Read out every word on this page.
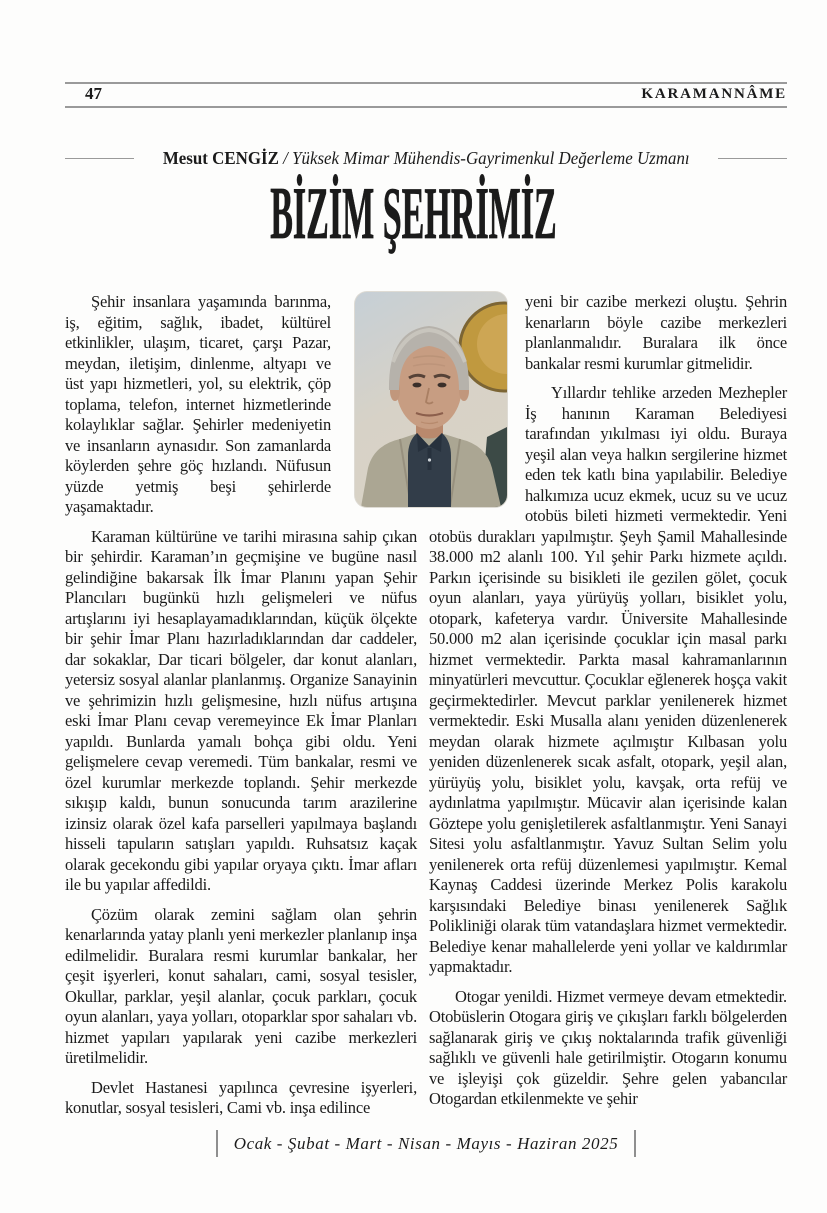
47	KARAMANNÂME
Mesut CENGİZ / Yüksek Mimar Mühendis-Gayrimenkul Değerleme Uzmanı
BİZİM ŞEHRİMİZ

Şehir insanlara yaşamında barınma, iş, eğitim, sağlık, ibadet, kültürel etkinlikler, ulaşım, ticaret, çarşı Pazar, meydan, iletişim, dinlenme, altyapı ve üst yapı hizmetleri, yol, su elektrik, çöp toplama, telefon, internet hizmetlerinde kolaylıklar sağlar. Şehirler medeniyetin ve insanların aynasıdır. Son zamanlarda köylerden şehre göç hızlandı. Nüfusun yüzde yetmiş beşi şehirlerde yaşamaktadır.

Karaman kültürüne ve tarihi mirasına sahip çıkan bir şehirdir. Karaman’ın geçmişine ve bugüne nasıl gelindiğine bakarsak İlk İmar Planını yapan Şehir Plancıları bugünkü hızlı gelişmeleri ve nüfus artışlarını iyi hesaplayamadıklarından, küçük ölçekte bir şehir İmar Planı hazırladıklarından dar caddeler, dar sokaklar, Dar ticari bölgeler, dar konut alanları, yetersiz sosyal alanlar planlanmış. Organize Sanayinin ve şehrimizin hızlı gelişmesine, hızlı nüfus artışına eski İmar Planı cevap veremeyince Ek İmar Planları yapıldı. Bunlarda yamalı bohça gibi oldu. Yeni gelişmelere cevap veremedi. Tüm bankalar, resmi ve özel kurumlar merkezde toplandı. Şehir merkezde sıkışıp kaldı, bunun sonucunda tarım arazilerine izinsiz olarak özel kafa parselleri yapılmaya başlandı hisseli tapuların satışları yapıldı. Ruhsatsız kaçak olarak gecekondu gibi yapılar oryaya çıktı. İmar afları ile bu yapılar affedildi.

Çözüm olarak zemini sağlam olan şehrin kenarlarında yatay planlı yeni merkezler planlanıp inşa edilmelidir. Buralara resmi kurumlar bankalar, her çeşit işyerleri, konut sahaları, cami, sosyal tesisler, Okullar, parklar, yeşil alanlar, çocuk parkları, çocuk oyun alanları, yaya yolları, otoparklar spor sahaları vb. hizmet yapıları yapılarak yeni cazibe merkezleri üretilmelidir.

Devlet Hastanesi yapılınca çevresine işyerleri, konutlar, sosyal tesisleri, Cami vb. inşa edilince

yeni bir cazibe merkezi oluştu. Şehrin kenarların böyle cazibe merkezleri planlanmalıdır. Buralara ilk önce bankalar resmi kurumlar gitmelidir.

Yıllardır tehlike arzeden Mezhepler İş hanının Karaman Belediyesi tarafından yıkılması iyi oldu. Buraya yeşil alan veya halkın sergilerine hizmet eden tek katlı bina yapılabilir. Belediye halkımıza ucuz ekmek, ucuz su ve ucuz otobüs bileti hizmeti vermektedir. Yeni otobüs durakları yapılmıştır. Şeyh Şamil Mahallesinde 38.000 m2 alanlı 100. Yıl şehir Parkı hizmete açıldı. Parkın içerisinde su bisikleti ile gezilen gölet, çocuk oyun alanları, yaya yürüyüş yolları, bisiklet yolu, otopark, kafeterya vardır. Üniversite Mahallesinde 50.000 m2 alan içerisinde çocuklar için masal parkı hizmet vermektedir. Parkta masal kahramanlarının minyatürleri mevcuttur. Çocuklar eğlenerek hoşça vakit geçirmektedirler. Mevcut parklar yenilenerek hizmet vermektedir. Eski Musalla alanı yeniden düzenlenerek meydan olarak hizmete açılmıştır Kılbasan yolu yeniden düzenlenerek sıcak asfalt, otopark, yeşil alan, yürüyüş yolu, bisiklet yolu, kavşak, orta refüj ve aydınlatma yapılmıştır. Mücavir alan içerisinde kalan Göztepe yolu genişletilerek asfaltlanmıştır. Yeni Sanayi Sitesi yolu asfaltlanmıştır. Yavuz Sultan Selim yolu yenilenerek orta refüj düzenlemesi yapılmıştır. Kemal Kaynaş Caddesi üzerinde Merkez Polis karakolu karşısındaki Belediye binası yenilenerek Sağlık Polikliniği olarak tüm vatandaşlara hizmet vermektedir. Belediye kenar mahallelerde yeni yollar ve kaldırımlar yapmaktadır.

Otogar yenildi. Hizmet vermeye devam etmektedir. Otobüslerin Otogara giriş ve çıkışları farklı bölgelerden sağlanarak giriş ve çıkış noktalarında trafik güvenliği sağlıklı ve güvenli hale getirilmiştir. Otogarın konumu ve işleyişi çok güzeldir. Şehre gelen yabancılar Otogardan etkilenmekte ve şehir

Ocak - Şubat - Mart - Nisan - Mayıs - Haziran 2025
